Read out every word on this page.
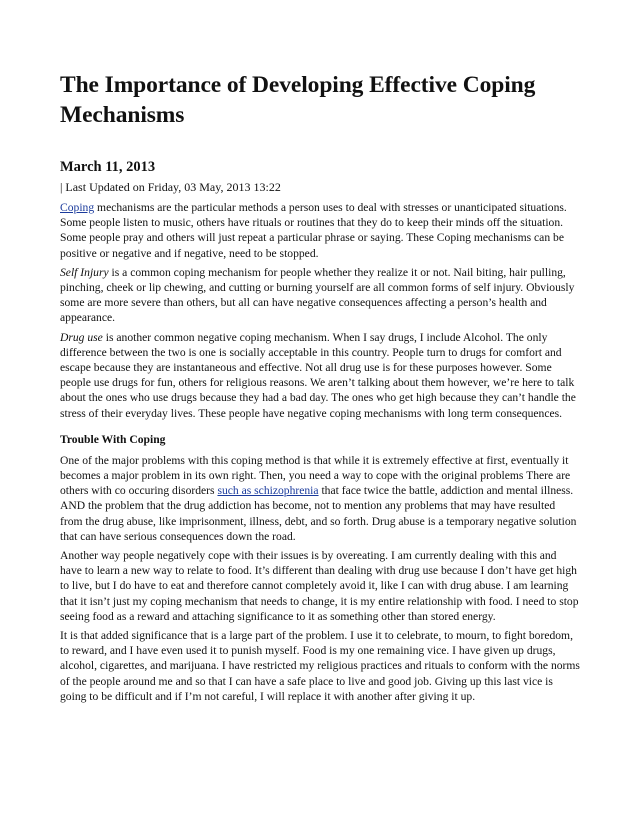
The Importance of Developing Effective Coping Mechanisms
March 11, 2013
| Last Updated on Friday, 03 May, 2013 13:22

Coping mechanisms are the particular methods a person uses to deal with stresses or unanticipated situations. Some people listen to music, others have rituals or routines that they do to keep their minds off the situation. Some people pray and others will just repeat a particular phrase or saying. These Coping mechanisms can be positive or negative and if negative, need to be stopped.

Self Injury is a common coping mechanism for people whether they realize it or not. Nail biting, hair pulling, pinching, cheek or lip chewing, and cutting or burning yourself are all common forms of self injury. Obviously some are more severe than others, but all can have negative consequences affecting a person’s health and appearance.

Drug use is another common negative coping mechanism. When I say drugs, I include Alcohol. The only difference between the two is one is socially acceptable in this country. People turn to drugs for comfort and escape because they are instantaneous and effective. Not all drug use is for these purposes however. Some people use drugs for fun, others for religious reasons. We aren’t talking about them however, we’re here to talk about the ones who use drugs because they had a bad day. The ones who get high because they can’t handle the stress of their everyday lives. These people have negative coping mechanisms with long term consequences.

Trouble With Coping

One of the major problems with this coping method is that while it is extremely effective at first, eventually it becomes a major problem in its own right. Then, you need a way to cope with the original problems There are others with co occuring disorders such as schizophrenia that face twice the battle, addiction and mental illness. AND the problem that the drug addiction has become, not to mention any problems that may have resulted from the drug abuse, like imprisonment, illness, debt, and so forth. Drug abuse is a temporary negative solution that can have serious consequences down the road.

Another way people negatively cope with their issues is by overeating. I am currently dealing with this and have to learn a new way to relate to food. It’s different than dealing with drug use because I don’t have get high to live, but I do have to eat and therefore cannot completely avoid it, like I can with drug abuse. I am learning that it isn’t just my coping mechanism that needs to change, it is my entire relationship with food. I need to stop seeing food as a reward and attaching significance to it as something other than stored energy.

It is that added significance that is a large part of the problem. I use it to celebrate, to mourn, to fight boredom, to reward, and I have even used it to punish myself. Food is my one remaining vice. I have given up drugs, alcohol, cigarettes, and marijuana. I have restricted my religious practices and rituals to conform with the norms of the people around me and so that I can have a safe place to live and good job. Giving up this last vice is going to be difficult and if I’m not careful, I will replace it with another after giving it up.
